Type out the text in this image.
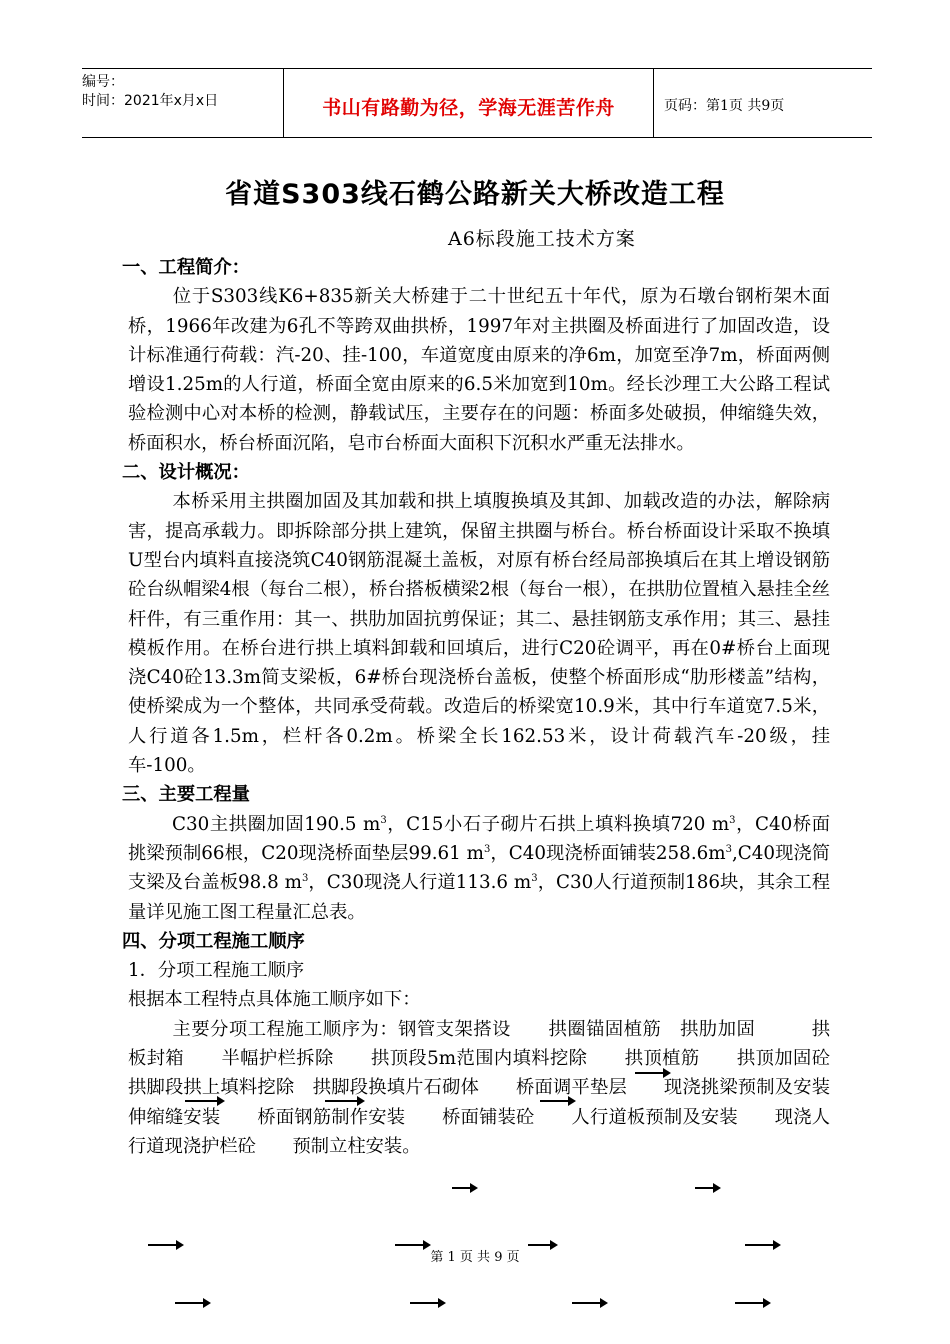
编号：
时间：2021年x月x日	书山有路勤为径，学海无涯苦作舟	页码：第1页 共9页
省道S303线石鹤公路新关大桥改造工程
A6标段施工技术方案
一、工程简介：
位于S303线K6+835新关大桥建于二十世纪五十年代，原为石墩台钢桁架木面桥，1966年改建为6孔不等跨双曲拱桥，1997年对主拱圈及桥面进行了加固改造，设计标准通行荷载：汽-20、挂-100，车道宽度由原来的净6m，加宽至净7m，桥面两侧增设1.25m的人行道，桥面全宽由原来的6.5米加宽到10m。经长沙理工大公路工程试验检测中心对本桥的检测，静载试压，主要存在的问题：桥面多处破损，伸缩缝失效，桥面积水，桥台桥面沉陷，皂市台桥面大面积下沉积水严重无法排水。
二、设计概况：
本桥采用主拱圈加固及其加载和拱上填腹换填及其卸、加载改造的办法，解除病害，提高承载力。即拆除部分拱上建筑，保留主拱圈与桥台。桥台桥面设计采取不换填U型台内填料直接浇筑C40钢筋混凝土盖板，对原有桥台经局部换填后在其上增设钢筋砼台纵帽梁4根（每台二根），桥台搭板横梁2根（每台一根），在拱肋位置植入悬挂全丝杆件，有三重作用：其一、拱肋加固抗剪保证；其二、悬挂钢筋支承作用；其三、悬挂模板作用。在桥台进行拱上填料卸载和回填后，进行C20砼调平，再在0#桥台上面现浇C40砼13.3m简支梁板，6#桥台现浇桥台盖板，使整个桥面形成“肋形楼盖”结构，使桥梁成为一个整体，共同承受荷载。改造后的桥梁宽10.9米，其中行车道宽7.5米，人行道各1.5m，栏杆各0.2m。桥梁全长162.53米，设计荷载汽车-20级，挂车-100。
三、主要工程量
C30主拱圈加固190.5 $m^3$，C15小石子砌片石拱上填料换填720 $m^3$，C40桥面挑梁预制66根，C20现浇桥面垫层99.61 $m^3$，C40现浇桥面铺装$258.6m^3,C40$现浇简支梁及台盖板98.8 $m^3$，C30现浇人行道113.6 $m^3$，C30人行道预制186块，其余工程量详见施工图工程量汇总表。
四、分项工程施工顺序
1．分项工程施工顺序
根据本工程特点具体施工顺序如下：
主要分项工程施工顺序为：钢管支架搭设　　拱圈锚固植筋　拱肋加固　　　拱板封箱　　半幅护栏拆除　　拱顶段5m范围内填料挖除　　拱顶植筋　　拱顶加固砼　　拱脚段拱上填料挖除　拱脚段换填片石砌体　　桥面调平垫层　　现浇挑梁预制及安装　　伸缩缝安装　　桥面钢筋制作安装　　桥面铺装砼　　人行道板预制及安装　　现浇人行道现浇护栏砼　　预制立柱安装。
第 1 页 共 9 页
